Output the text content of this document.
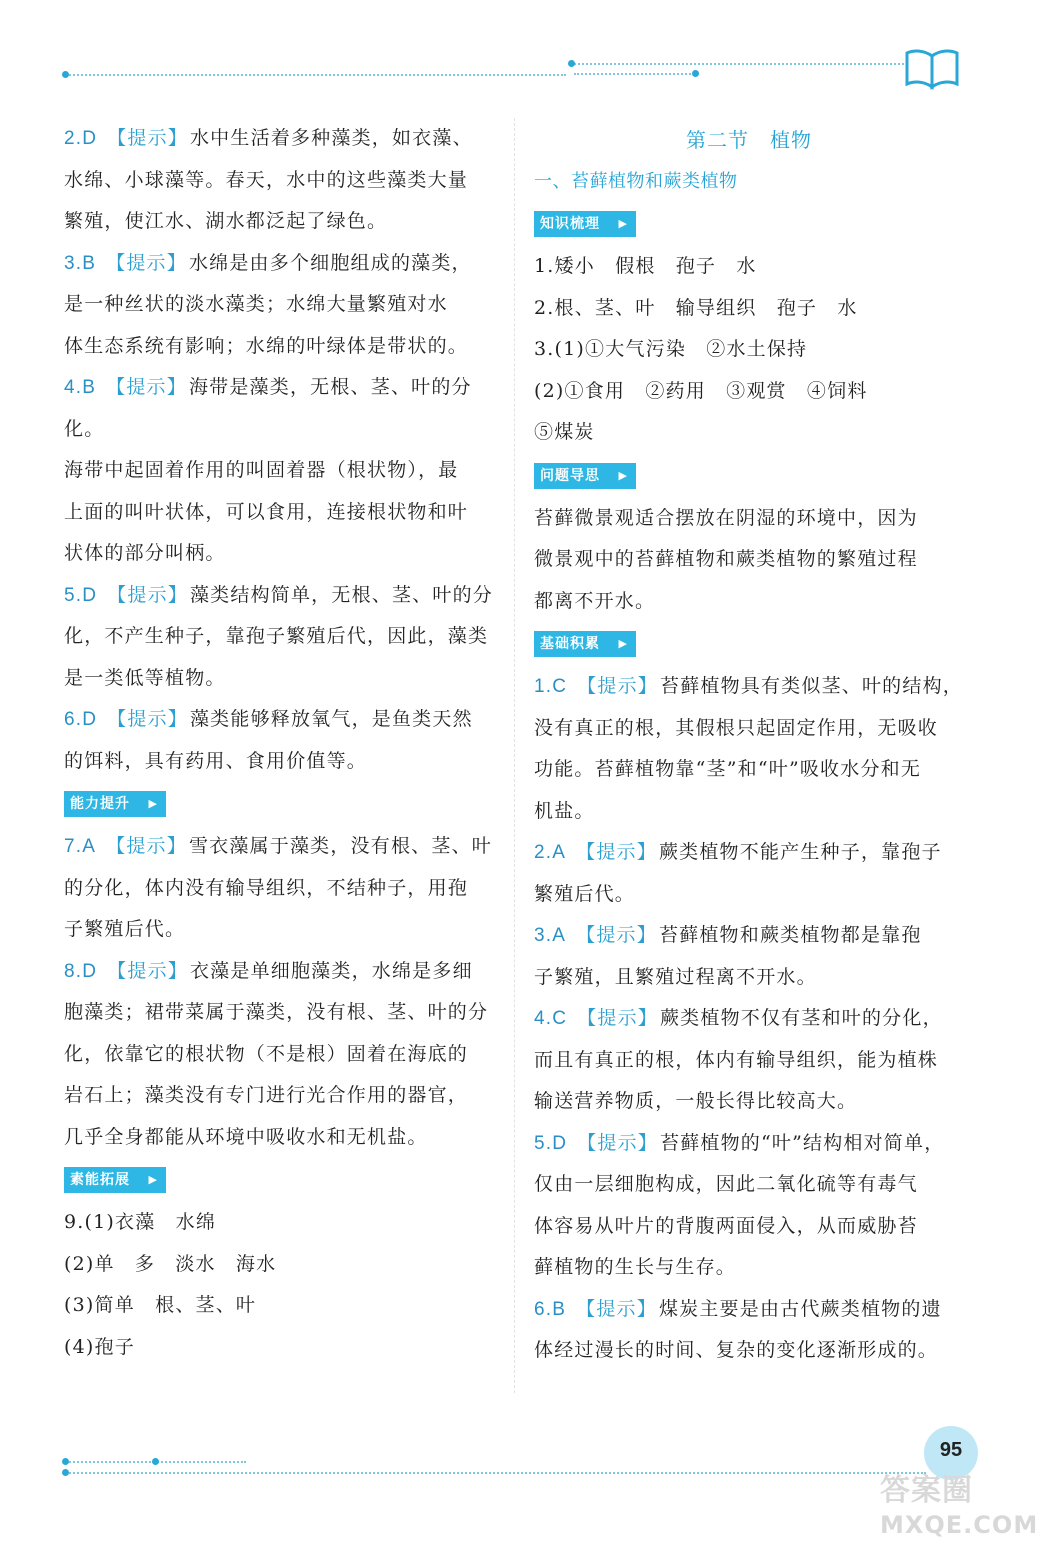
2.D 【提示】 水中生活着多种藻类，如衣藻、

水绵、小球藻等。春天，水中的这些藻类大量

繁殖，使江水、湖水都泛起了绿色。

3.B 【提示】 水绵是由多个细胞组成的藻类，

是一种丝状的淡水藻类；水绵大量繁殖对水

体生态系统有影响；水绵的叶绿体是带状的。

4.B 【提示】 海带是藻类，无根、茎、叶的分化。

海带中起固着作用的叫固着器（根状物），最

上面的叫叶状体，可以食用，连接根状物和叶

状体的部分叫柄。

5.D 【提示】 藻类结构简单，无根、茎、叶的分

化，不产生种子，靠孢子繁殖后代，因此，藻类

是一类低等植物。

6.D 【提示】 藻类能够释放氧气，是鱼类天然

的饵料，具有药用、食用价值等。

能力提升 ▶

7.A 【提示】 雪衣藻属于藻类，没有根、茎、叶

的分化，体内没有输导组织，不结种子，用孢

子繁殖后代。

8.D 【提示】 衣藻是单细胞藻类，水绵是多细

胞藻类；裙带菜属于藻类，没有根、茎、叶的分

化，依靠它的根状物（不是根）固着在海底的

岩石上；藻类没有专门进行光合作用的器官，

几乎全身都能从环境中吸收水和无机盐。

素能拓展 ▶

9.(1)衣藻　水绵

(2)单　多　淡水　海水

(3)简单　根、茎、叶

(4)孢子

第二节　植物

一、苔藓植物和蕨类植物

知识梳理 ▶

1.矮小　假根　孢子　水

2.根、茎、叶　输导组织　孢子　水

3.(1)①大气污染　②水土保持

(2)①食用　②药用　③观赏　④饲料

⑤煤炭

问题导思 ▶

苔藓微景观适合摆放在阴湿的环境中，因为

微景观中的苔藓植物和蕨类植物的繁殖过程

都离不开水。

基础积累 ▶

1.C 【提示】 苔藓植物具有类似茎、叶的结构，

没有真正的根，其假根只起固定作用，无吸收

功能。苔藓植物靠“茎”和“叶”吸收水分和无

机盐。

2.A 【提示】 蕨类植物不能产生种子，靠孢子

繁殖后代。

3.A 【提示】 苔藓植物和蕨类植物都是靠孢

子繁殖，且繁殖过程离不开水。

4.C 【提示】 蕨类植物不仅有茎和叶的分化，

而且有真正的根，体内有输导组织，能为植株

输送营养物质，一般长得比较高大。

5.D 【提示】 苔藓植物的“叶”结构相对简单，

仅由一层细胞构成，因此二氧化硫等有毒气

体容易从叶片的背腹两面侵入，从而威胁苔

藓植物的生长与生存。

6.B 【提示】 煤炭主要是由古代蕨类植物的遗

体经过漫长的时间、复杂的变化逐渐形成的。

95
答案圈
MXQE.COM
